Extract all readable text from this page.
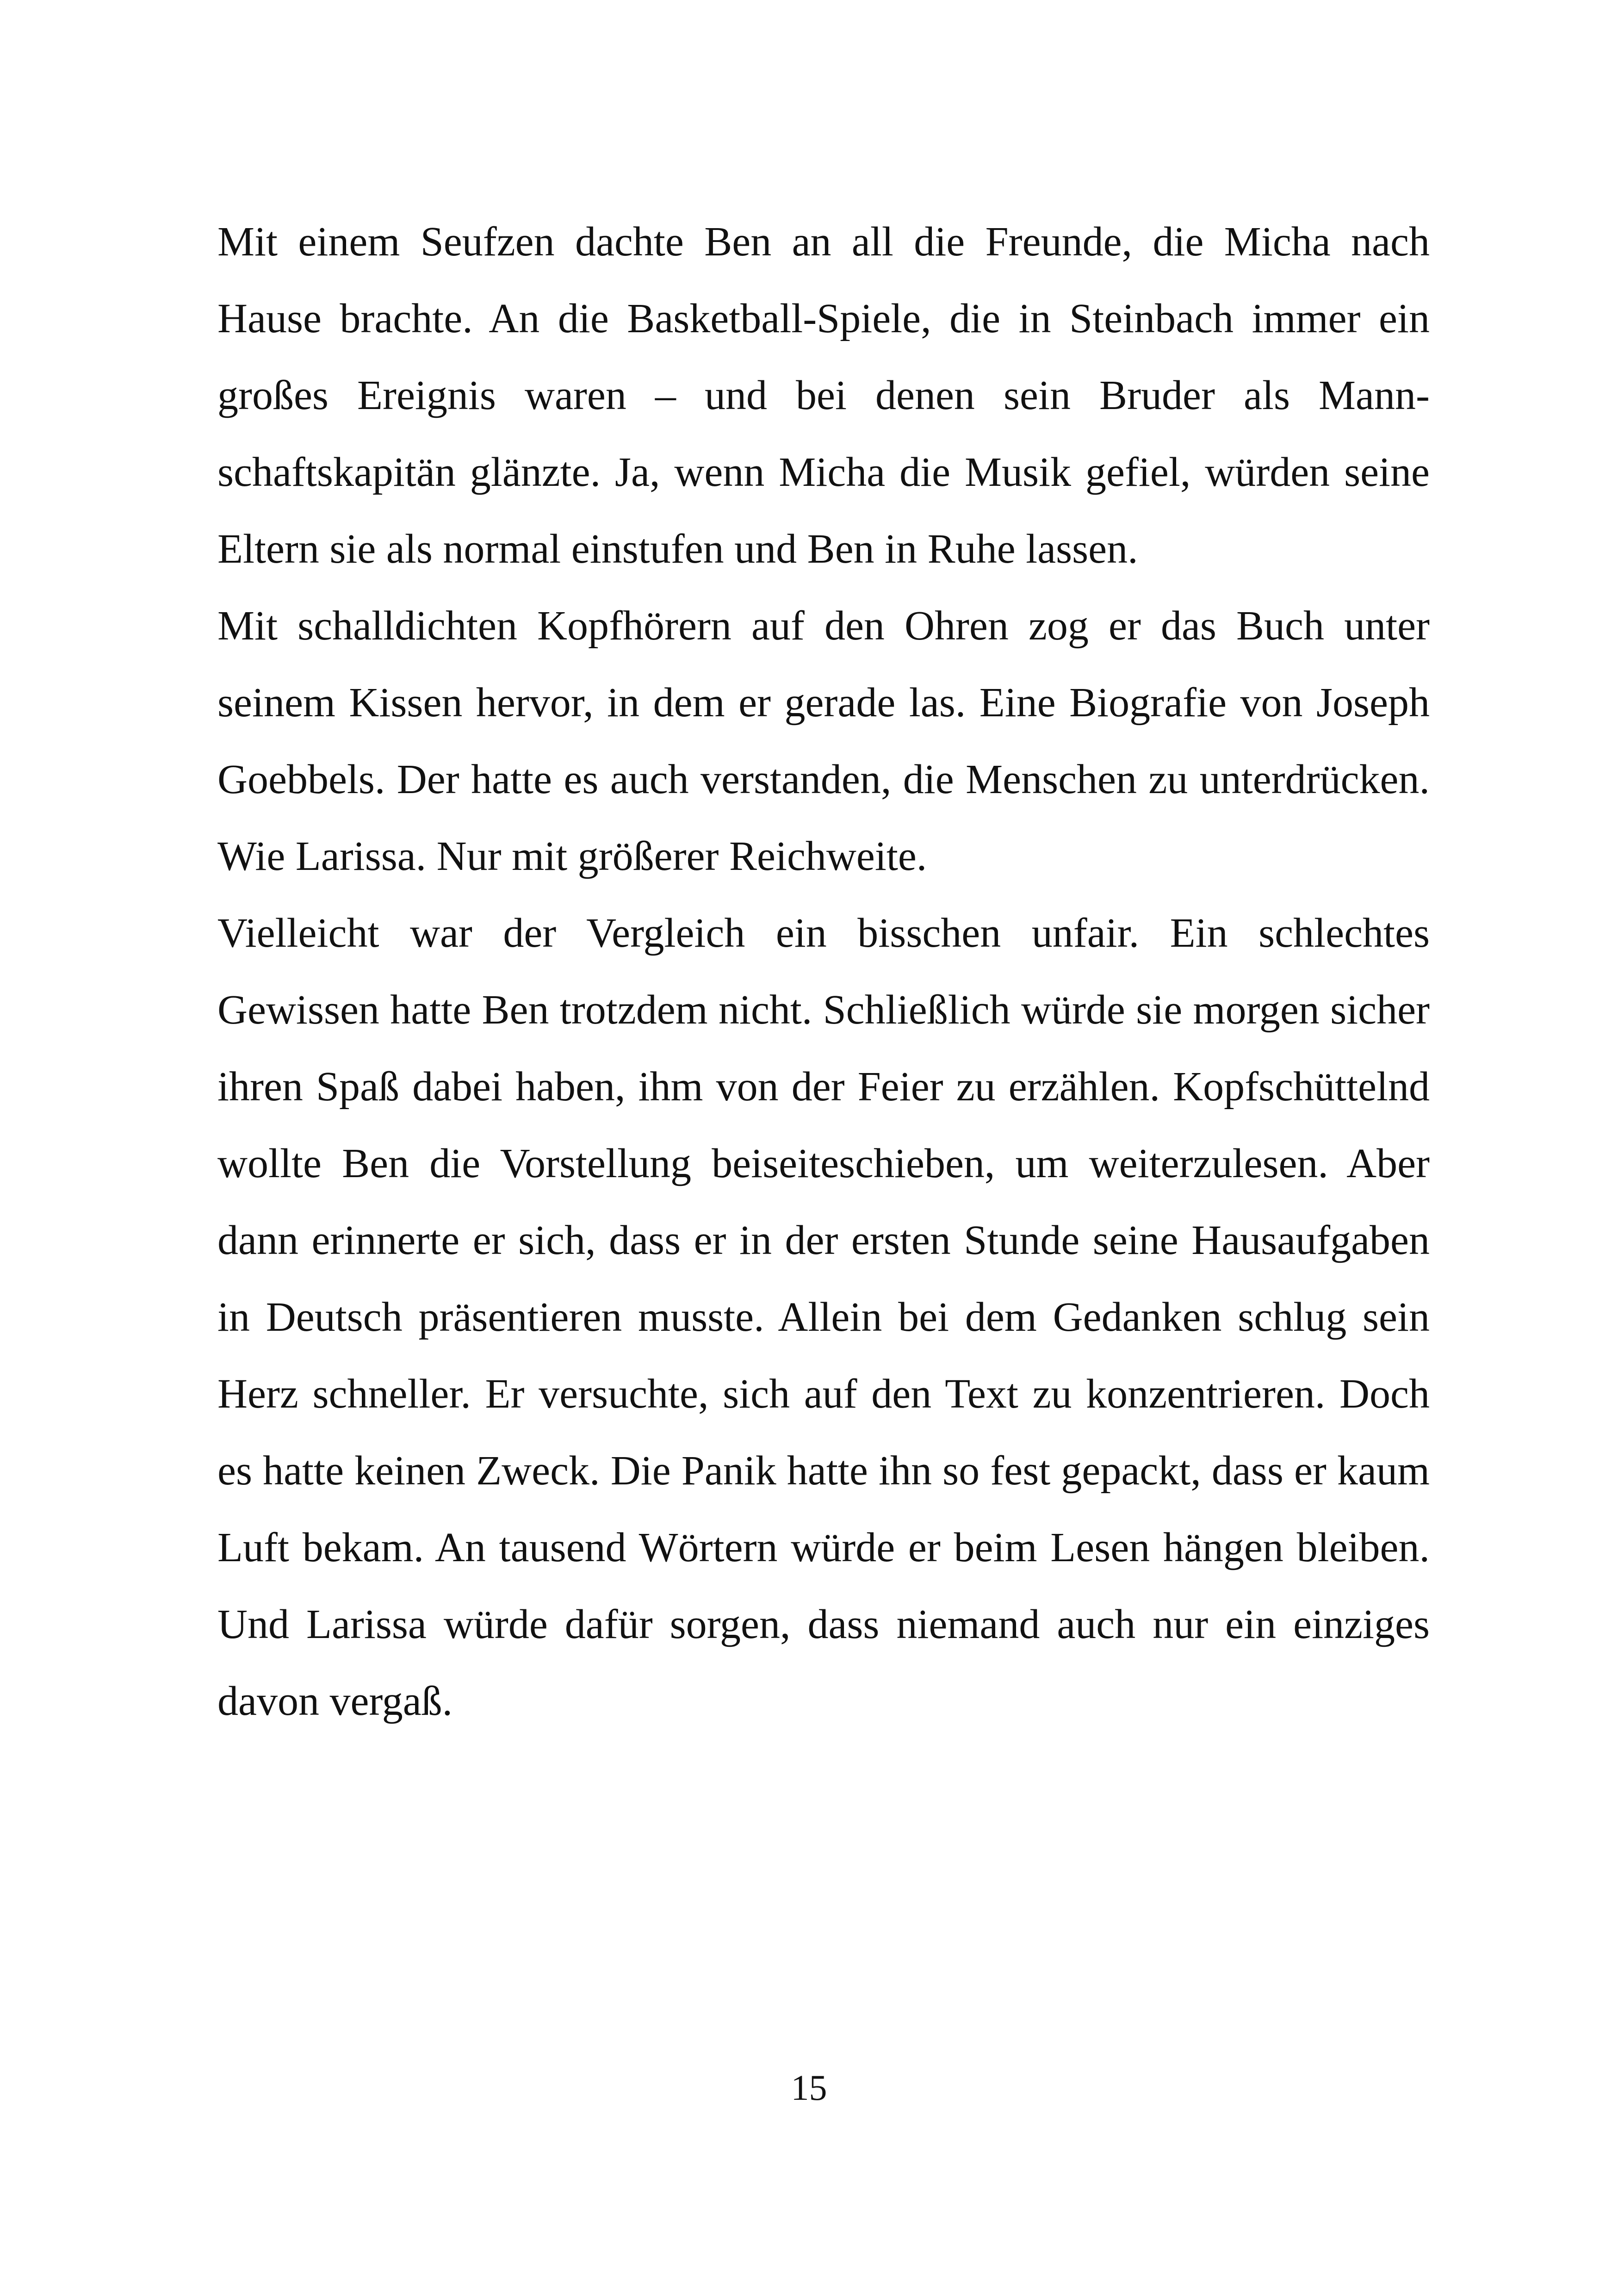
Mit einem Seufzen dachte Ben an all die Freunde, die Micha nach Hause brachte. An die Basketball-Spiele, die in Steinbach immer ein großes Ereignis waren – und bei denen sein Bruder als Mannschaftskapitän glänzte. Ja, wenn Micha die Musik gefiel, würden seine Eltern sie als normal einstufen und Ben in Ruhe lassen.

Mit schalldichten Kopfhörern auf den Ohren zog er das Buch unter seinem Kissen hervor, in dem er gerade las. Eine Biografie von Joseph Goebbels. Der hatte es auch verstanden, die Menschen zu unterdrücken. Wie Larissa. Nur mit größerer Reichweite.

Vielleicht war der Vergleich ein bisschen unfair. Ein schlechtes Gewissen hatte Ben trotzdem nicht. Schließlich würde sie morgen sicher ihren Spaß dabei haben, ihm von der Feier zu erzählen. Kopfschüttelnd wollte Ben die Vorstellung beiseiteschieben, um weiterzulesen. Aber dann erinnerte er sich, dass er in der ersten Stunde seine Hausaufgaben in Deutsch präsentieren musste. Allein bei dem Gedanken schlug sein Herz schneller. Er versuchte, sich auf den Text zu konzentrieren. Doch es hatte keinen Zweck. Die Panik hatte ihn so fest gepackt, dass er kaum Luft bekam. An tausend Wörtern würde er beim Lesen hängen bleiben. Und Larissa würde dafür sorgen, dass niemand auch nur ein einziges davon vergaß.

15
